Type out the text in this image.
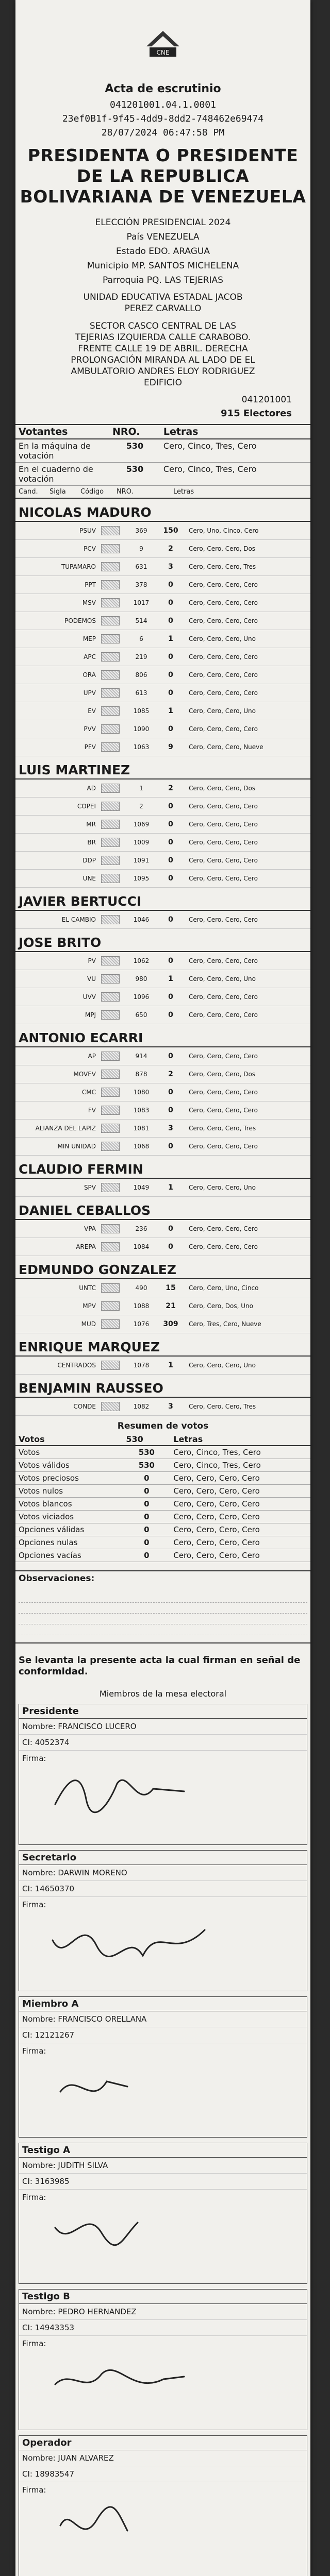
CNE
Acta de escrutinio
041201001.04.1.0001
23ef0B1f-9f45-4dd9-8dd2-748462e69474
28/07/2024 06:47:58 PM
PRESIDENTA O PRESIDENTE DE LA REPUBLICA BOLIVARIANA DE VENEZUELA
ELECCIÓN PRESIDENCIAL 2024
País VENEZUELA
Estado EDO. ARAGUA
Municipio MP. SANTOS MICHELENA
Parroquia PQ. LAS TEJERIAS
UNIDAD EDUCATIVA ESTADAL JACOB PEREZ CARVALLO
SECTOR CASCO CENTRAL DE LAS TEJERIAS IZQUIERDA CALLE CARABOBO. FRENTE CALLE 19 DE ABRIL. DERECHA PROLONGACIÓN MIRANDA AL LADO DE EL AMBULATORIO ANDRES ELOY RODRIGUEZ EDIFICIO
041201001
915 Electores
Votantes	NRO.	Letras
En la máquina de votación	530	Cero, Cinco, Tres, Cero
En el cuaderno de votación	530	Cero, Cinco, Tres, Cero
Cand.	Sigla	Código	NRO.	Letras
NICOLAS MADURO
PSUV	369	150	Cero, Uno, Cinco, Cero
PCV	9	2	Cero, Cero, Cero, Dos
TUPAMARO	631	3	Cero, Cero, Cero, Tres
PPT	378	0	Cero, Cero, Cero, Cero
MSV	1017	0	Cero, Cero, Cero, Cero
PODEMOS	514	0	Cero, Cero, Cero, Cero
MEP	6	1	Cero, Cero, Cero, Uno
APC	219	0	Cero, Cero, Cero, Cero
ORA	806	0	Cero, Cero, Cero, Cero
UPV	613	0	Cero, Cero, Cero, Cero
EV	1085	1	Cero, Cero, Cero, Uno
PVV	1090	0	Cero, Cero, Cero, Cero
PFV	1063	9	Cero, Cero, Cero, Nueve
LUIS MARTINEZ
AD	1	2	Cero, Cero, Cero, Dos
COPEI	2	0	Cero, Cero, Cero, Cero
MR	1069	0	Cero, Cero, Cero, Cero
BR	1009	0	Cero, Cero, Cero, Cero
DDP	1091	0	Cero, Cero, Cero, Cero
UNE	1095	0	Cero, Cero, Cero, Cero
JAVIER BERTUCCI
EL CAMBIO	1046	0	Cero, Cero, Cero, Cero
JOSE BRITO
PV	1062	0	Cero, Cero, Cero, Cero
VU	980	1	Cero, Cero, Cero, Uno
UVV	1096	0	Cero, Cero, Cero, Cero
MPJ	650	0	Cero, Cero, Cero, Cero
ANTONIO ECARRI
AP	914	0	Cero, Cero, Cero, Cero
MOVEV	878	2	Cero, Cero, Cero, Dos
CMC	1080	0	Cero, Cero, Cero, Cero
FV	1083	0	Cero, Cero, Cero, Cero
ALIANZA DEL LAPIZ	1081	3	Cero, Cero, Cero, Tres
MIN UNIDAD	1068	0	Cero, Cero, Cero, Cero
CLAUDIO FERMIN
SPV	1049	1	Cero, Cero, Cero, Uno
DANIEL CEBALLOS
VPA	236	0	Cero, Cero, Cero, Cero
AREPA	1084	0	Cero, Cero, Cero, Cero
EDMUNDO GONZALEZ
UNTC	490	15	Cero, Cero, Uno, Cinco
MPV	1088	21	Cero, Cero, Dos, Uno
MUD	1076	309	Cero, Tres, Cero, Nueve
ENRIQUE MARQUEZ
CENTRADOS	1078	1	Cero, Cero, Cero, Uno
BENJAMIN RAUSSEO
CONDE	1082	3	Cero, Cero, Cero, Tres
Resumen de votos
Votos	530	Letras
Votos	530	Cero, Cinco, Tres, Cero
Votos válidos	530	Cero, Cinco, Tres, Cero
Votos preciosos	0	Cero, Cero, Cero, Cero
Votos nulos	0	Cero, Cero, Cero, Cero
Votos blancos	0	Cero, Cero, Cero, Cero
Votos viciados	0	Cero, Cero, Cero, Cero
Opciones válidas	0	Cero, Cero, Cero, Cero
Opciones nulas	0	Cero, Cero, Cero, Cero
Opciones vacías	0	Cero, Cero, Cero, Cero
Observaciones:
Se levanta la presente acta la cual firman en señal de conformidad.
Miembros de la mesa electoral
Presidente
Nombre: FRANCISCO LUCERO
CI: 4052374
Firma:
Secretario
Nombre: DARWIN MORENO
CI: 14650370
Firma:
Miembro A
Nombre: FRANCISCO ORELLANA
CI: 12121267
Firma:
Testigo A
Nombre: JUDITH SILVA
CI: 3163985
Firma:
Testigo B
Nombre: PEDRO HERNANDEZ
CI: 14943353
Firma:
Operador
Nombre: JUAN ALVAREZ
CI: 18983547
Firma:
